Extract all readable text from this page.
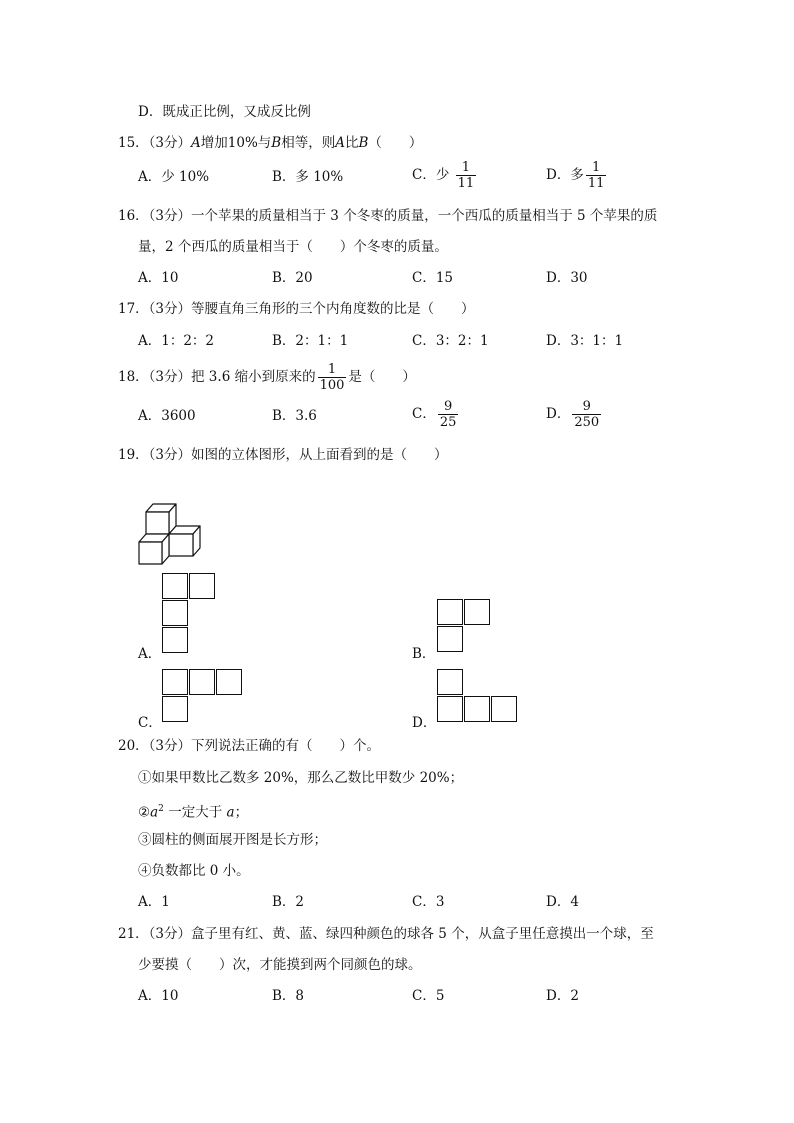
D．既成正比例，又成反比例
15．（3分）A增加10%与B相等，则A比B（　　）
A．少 10%	B．多 10%	C．少 $\frac{1}{11}$	D．多 $\frac{1}{11}$
16．（3分）一个苹果的质量相当于 3 个冬枣的质量，一个西瓜的质量相当于 5 个苹果的质
量，2 个西瓜的质量相当于（　　）个冬枣的质量。
A．10	B．20	C．15	D．30
17．（3分）等腰直角三角形的三个内角度数的比是（　　）
A．1：2：2	B．2：1：1	C．3：2：1	D．3：1：1
18．（3分）把 3.6 缩小到原来的 $\frac{1}{100}$ 是（　　）
A．3600	B．3.6	C． $\frac{9}{25}$	D． $\frac{9}{250}$
19．（3分）如图的立体图形，从上面看到的是（　　）
A．	B．
C．	D．
20．（3分）下列说法正确的有（　　）个。
①如果甲数比乙数多 20%，那么乙数比甲数少 20%；
$②a^2$ 一定大于 a；
③圆柱的侧面展开图是长方形；
④负数都比 0 小。
A．1	B．2	C．3	D．4
21．（3分）盒子里有红、黄、蓝、绿四种颜色的球各 5 个，从盒子里任意摸出一个球，至
少要摸（　　）次，才能摸到两个同颜色的球。
A．10	B．8	C．5	D．2
